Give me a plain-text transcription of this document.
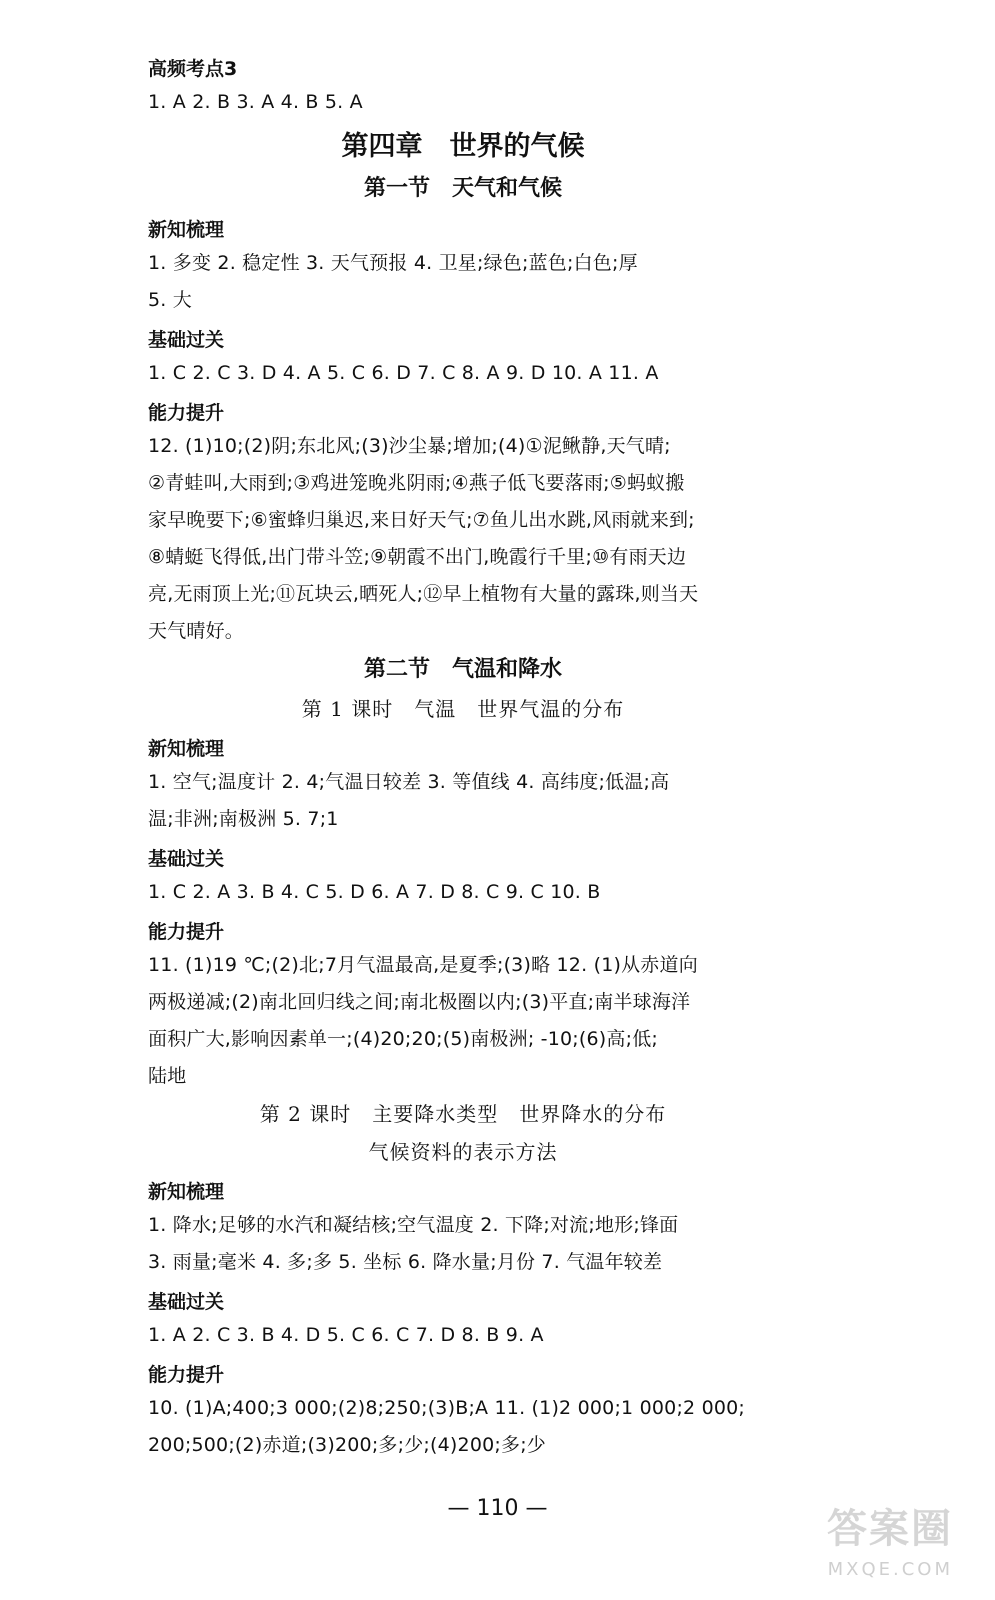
高频考点3
1. A 2. B 3. A 4. B 5. A
第四章　世界的气候
第一节　天气和气候
新知梳理
1. 多变 2. 稳定性 3. 天气预报 4. 卫星;绿色;蓝色;白色;厚
5. 大
基础过关
1. C 2. C 3. D 4. A 5. C 6. D 7. C 8. A 9. D 10. A 11. A
能力提升
12. (1)10;(2)阴;东北风;(3)沙尘暴;增加;(4)①泥鳅静,天气晴;
②青蛙叫,大雨到;③鸡进笼晚兆阴雨;④燕子低飞要落雨;⑤蚂蚁搬
家早晚要下;⑥蜜蜂归巢迟,来日好天气;⑦鱼儿出水跳,风雨就来到;
⑧蜻蜓飞得低,出门带斗笠;⑨朝霞不出门,晚霞行千里;⑩有雨天边
亮,无雨顶上光;⑪瓦块云,晒死人;⑫早上植物有大量的露珠,则当天
天气晴好。
第二节　气温和降水
第 1 课时　气温　世界气温的分布
新知梳理
1. 空气;温度计 2. 4;气温日较差 3. 等值线 4. 高纬度;低温;高
温;非洲;南极洲 5. 7;1
基础过关
1. C 2. A 3. B 4. C 5. D 6. A 7. D 8. C 9. C 10. B
能力提升
11. (1)19 ℃;(2)北;7月气温最高,是夏季;(3)略 12. (1)从赤道向
两极递减;(2)南北回归线之间;南北极圈以内;(3)平直;南半球海洋
面积广大,影响因素单一;(4)20;20;(5)南极洲; -10;(6)高;低;
陆地
第 2 课时　主要降水类型　世界降水的分布
气候资料的表示方法
新知梳理
1. 降水;足够的水汽和凝结核;空气温度 2. 下降;对流;地形;锋面
3. 雨量;毫米 4. 多;多 5. 坐标 6. 降水量;月份 7. 气温年较差
基础过关
1. A 2. C 3. B 4. D 5. C 6. C 7. D 8. B 9. A
能力提升
10. (1)A;400;3 000;(2)8;250;(3)B;A 11. (1)2 000;1 000;2 000;
200;500;(2)赤道;(3)200;多;少;(4)200;多;少
— 110 —	答案圈
MXQE.COM
